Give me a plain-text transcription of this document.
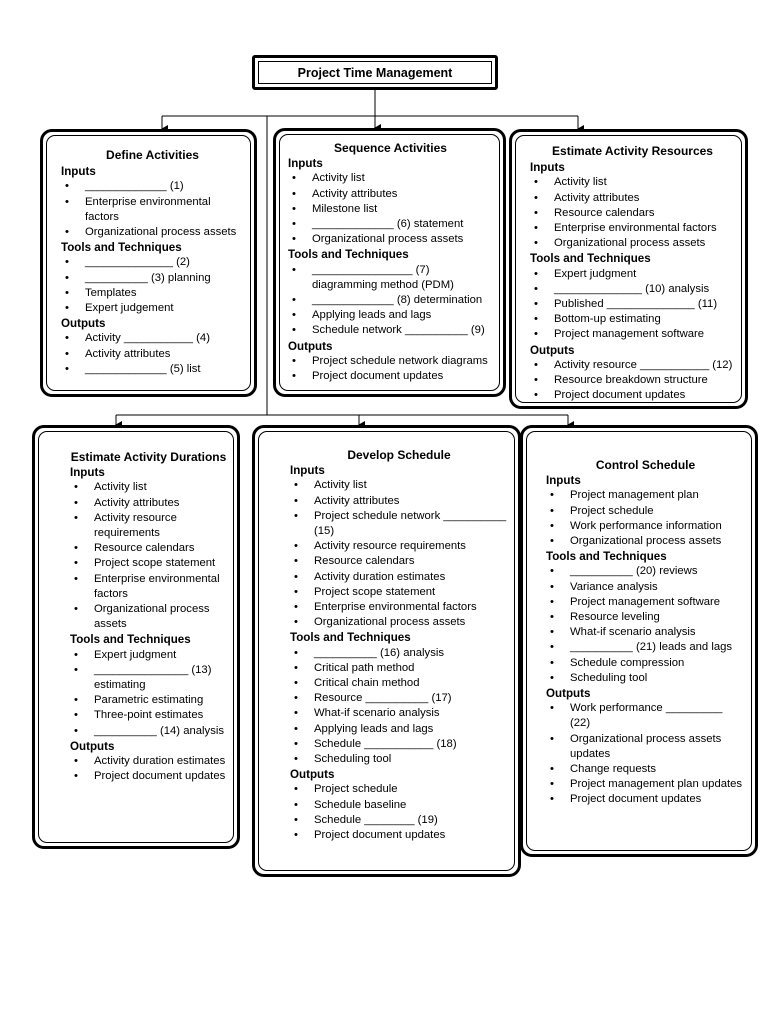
Project Time Management
Define Activities
Inputs
• _____________ (1)
• Enterprise environmental factors
• Organizational process assets
Tools and Techniques
• ______________ (2)
• __________ (3) planning
• Templates
• Expert judgement
Outputs
• Activity ___________ (4)
• Activity attributes
• _____________ (5) list
Sequence Activities
Inputs
• Activity list
• Activity attributes
• Milestone list
• _____________ (6) statement
• Organizational process assets
Tools and Techniques
• ________________ (7) diagramming method (PDM)
• _____________ (8) determination
• Applying leads and lags
• Schedule network __________ (9)
Outputs
• Project schedule network diagrams
• Project document updates
Estimate Activity Resources
Inputs
• Activity list
• Activity attributes
• Resource calendars
• Enterprise environmental factors
• Organizational process assets
Tools and Techniques
• Expert judgment
• ______________ (10) analysis
• Published ______________ (11)
• Bottom-up estimating
• Project management software
Outputs
• Activity resource ___________ (12)
• Resource breakdown structure
• Project document updates
Estimate Activity Durations
Inputs
• Activity list
• Activity attributes
• Activity resource requirements
• Resource calendars
• Project scope statement
• Enterprise environmental factors
• Organizational process assets
Tools and Techniques
• Expert judgment
• _______________ (13) estimating
• Parametric estimating
• Three-point estimates
• __________ (14) analysis
Outputs
• Activity duration estimates
• Project document updates
Develop Schedule
Inputs
• Activity list
• Activity attributes
• Project schedule network __________ (15)
• Activity resource requirements
• Resource calendars
• Activity duration estimates
• Project scope statement
• Enterprise environmental factors
• Organizational process assets
Tools and Techniques
• __________ (16) analysis
• Critical path method
• Critical chain method
• Resource __________ (17)
• What-if scenario analysis
• Applying leads and lags
• Schedule ___________ (18)
• Scheduling tool
Outputs
• Project schedule
• Schedule baseline
• Schedule ________ (19)
• Project document updates
Control Schedule
Inputs
• Project management plan
• Project schedule
• Work performance information
• Organizational process assets
Tools and Techniques
• __________ (20) reviews
• Variance analysis
• Project management software
• Resource leveling
• What-if scenario analysis
• __________ (21) leads and lags
• Schedule compression
• Scheduling tool
Outputs
• Work performance _________ (22)
• Organizational process assets updates
• Change requests
• Project management plan updates
• Project document updates
